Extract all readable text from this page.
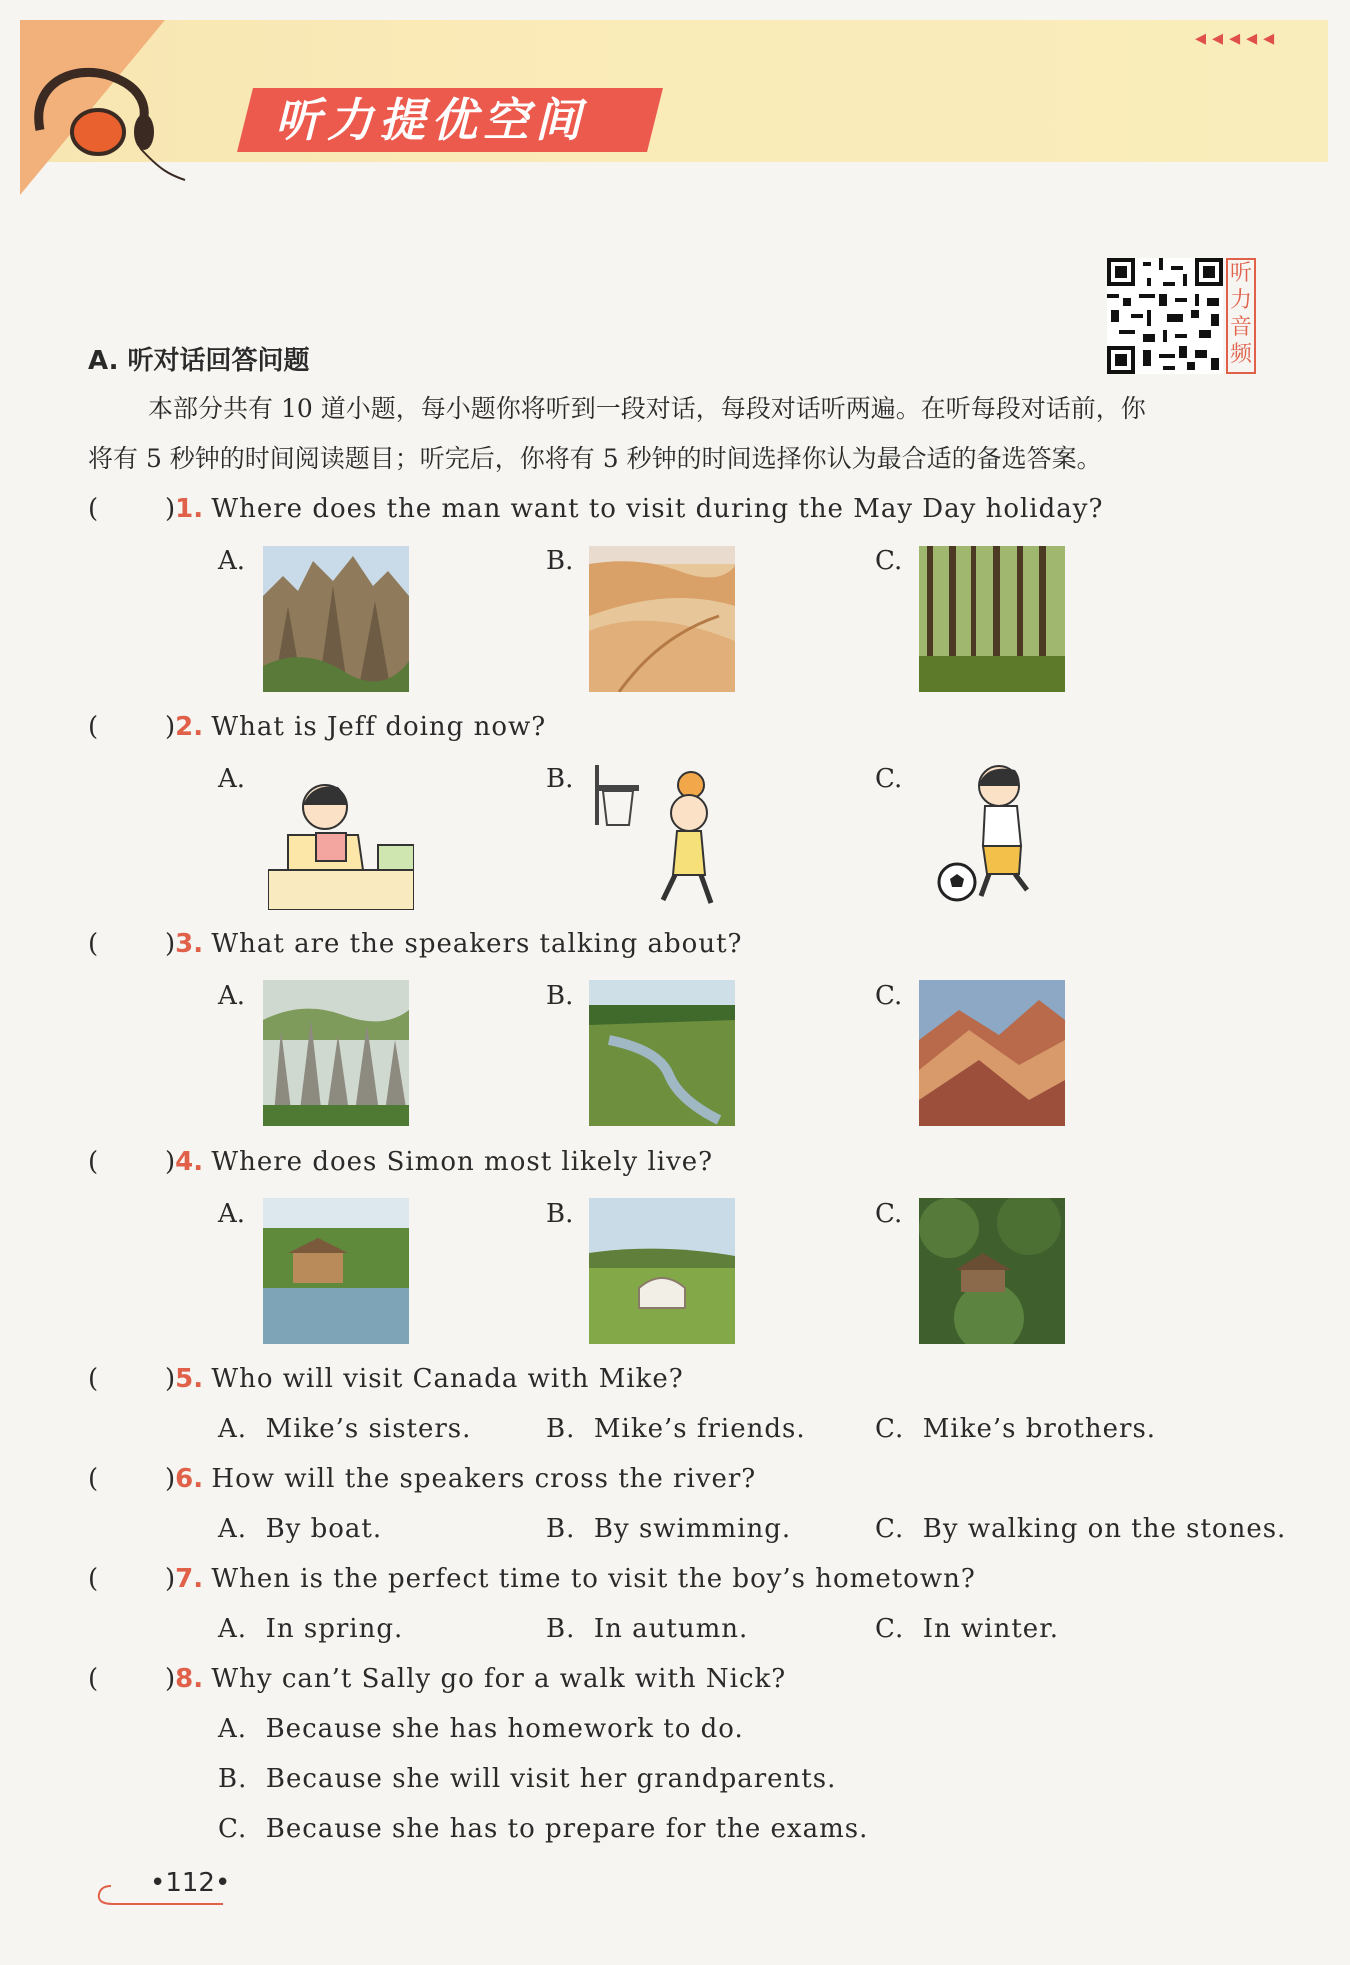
听力提优空间
◂◂◂◂◂
听
力
音
频
A. 听对话回答问题
本部分共有 10 道小题，每小题你将听到一段对话，每段对话听两遍。在听每段对话前，你
将有 5 秒钟的时间阅读题目；听完后，你将有 5 秒钟的时间选择你认为最合适的备选答案。
(	)1. Where does the man want to visit during the May Day holiday?
A.	B.	C.
(	)2. What is Jeff doing now?
A.	B.	C.
(	)3. What are the speakers talking about?
A.	B.	C.
(	)4. Where does Simon most likely live?
A.	B.	C.
(	)5. Who will visit Canada with Mike?
A. Mike’s sisters.	B. Mike’s friends.	C. Mike’s brothers.
(	)6. How will the speakers cross the river?
A. By boat.	B. By swimming.	C. By walking on the stones.
(	)7. When is the perfect time to visit the boy’s hometown?
A. In spring.	B. In autumn.	C. In winter.
(	)8. Why can’t Sally go for a walk with Nick?
A. Because she has homework to do.
B. Because she will visit her grandparents.
C. Because she has to prepare for the exams.
•112•
